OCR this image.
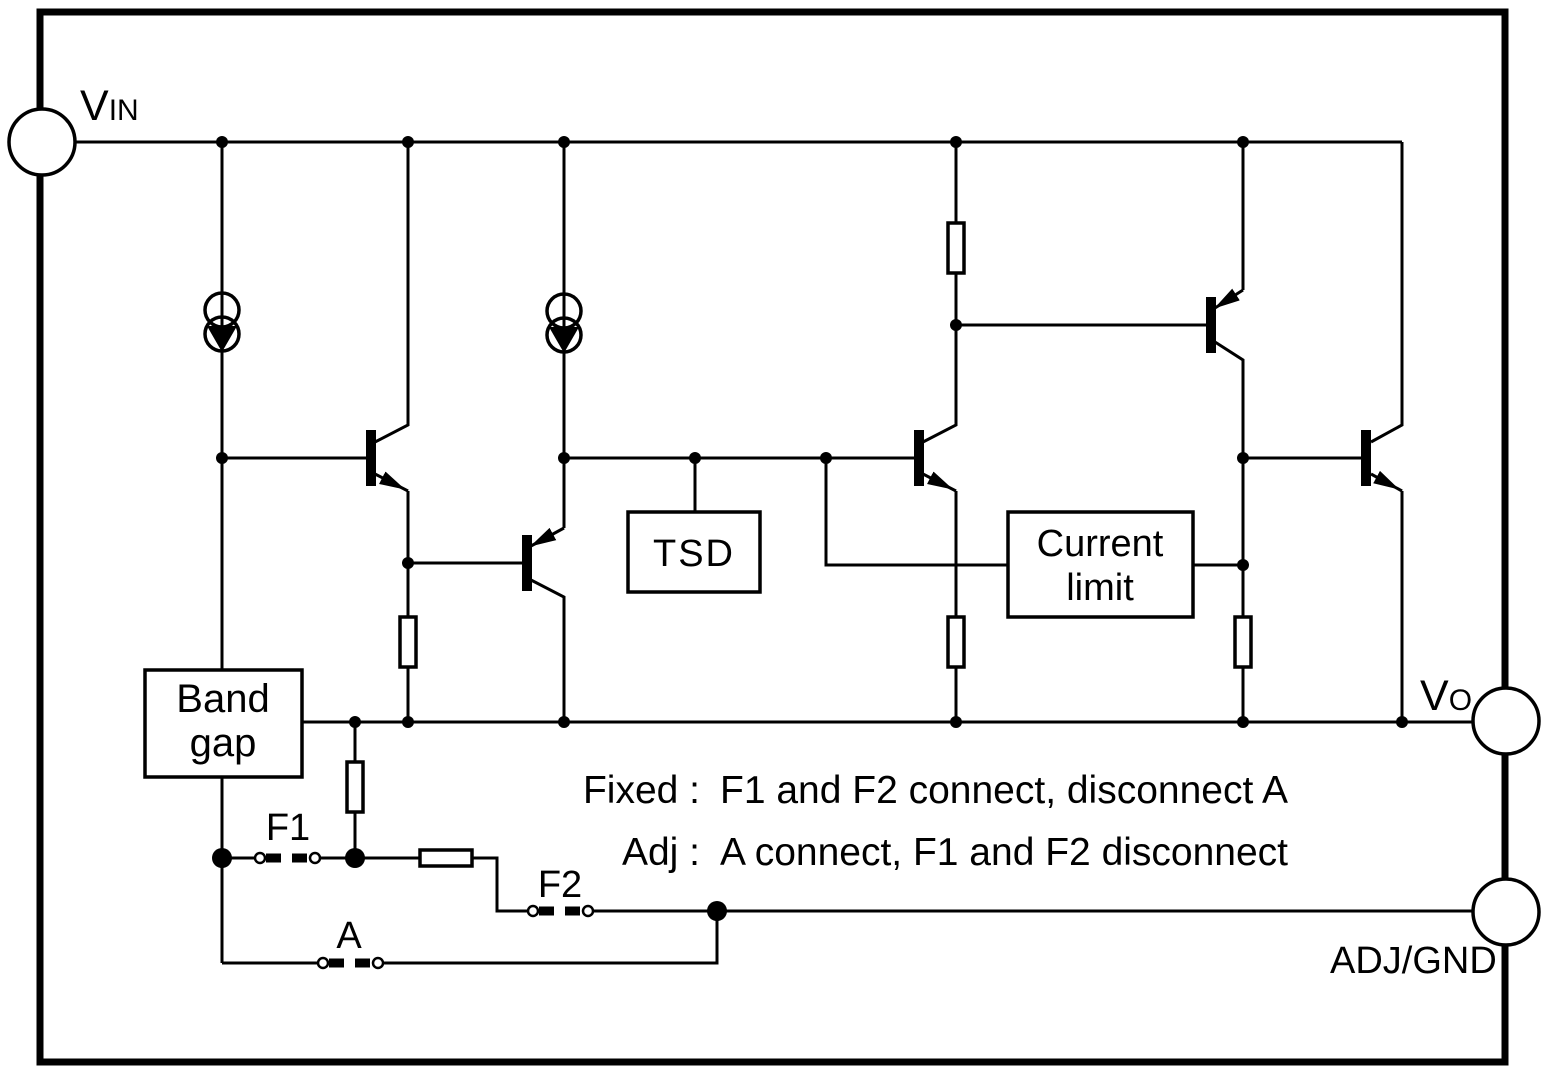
Band
gap
TSD	Current
limit
F1
F2
A
VIN
VO
ADJ/GND
Fixed : F1 and F2 connect, disconnect A
Adj : A connect, F1 and F2 disconnect
